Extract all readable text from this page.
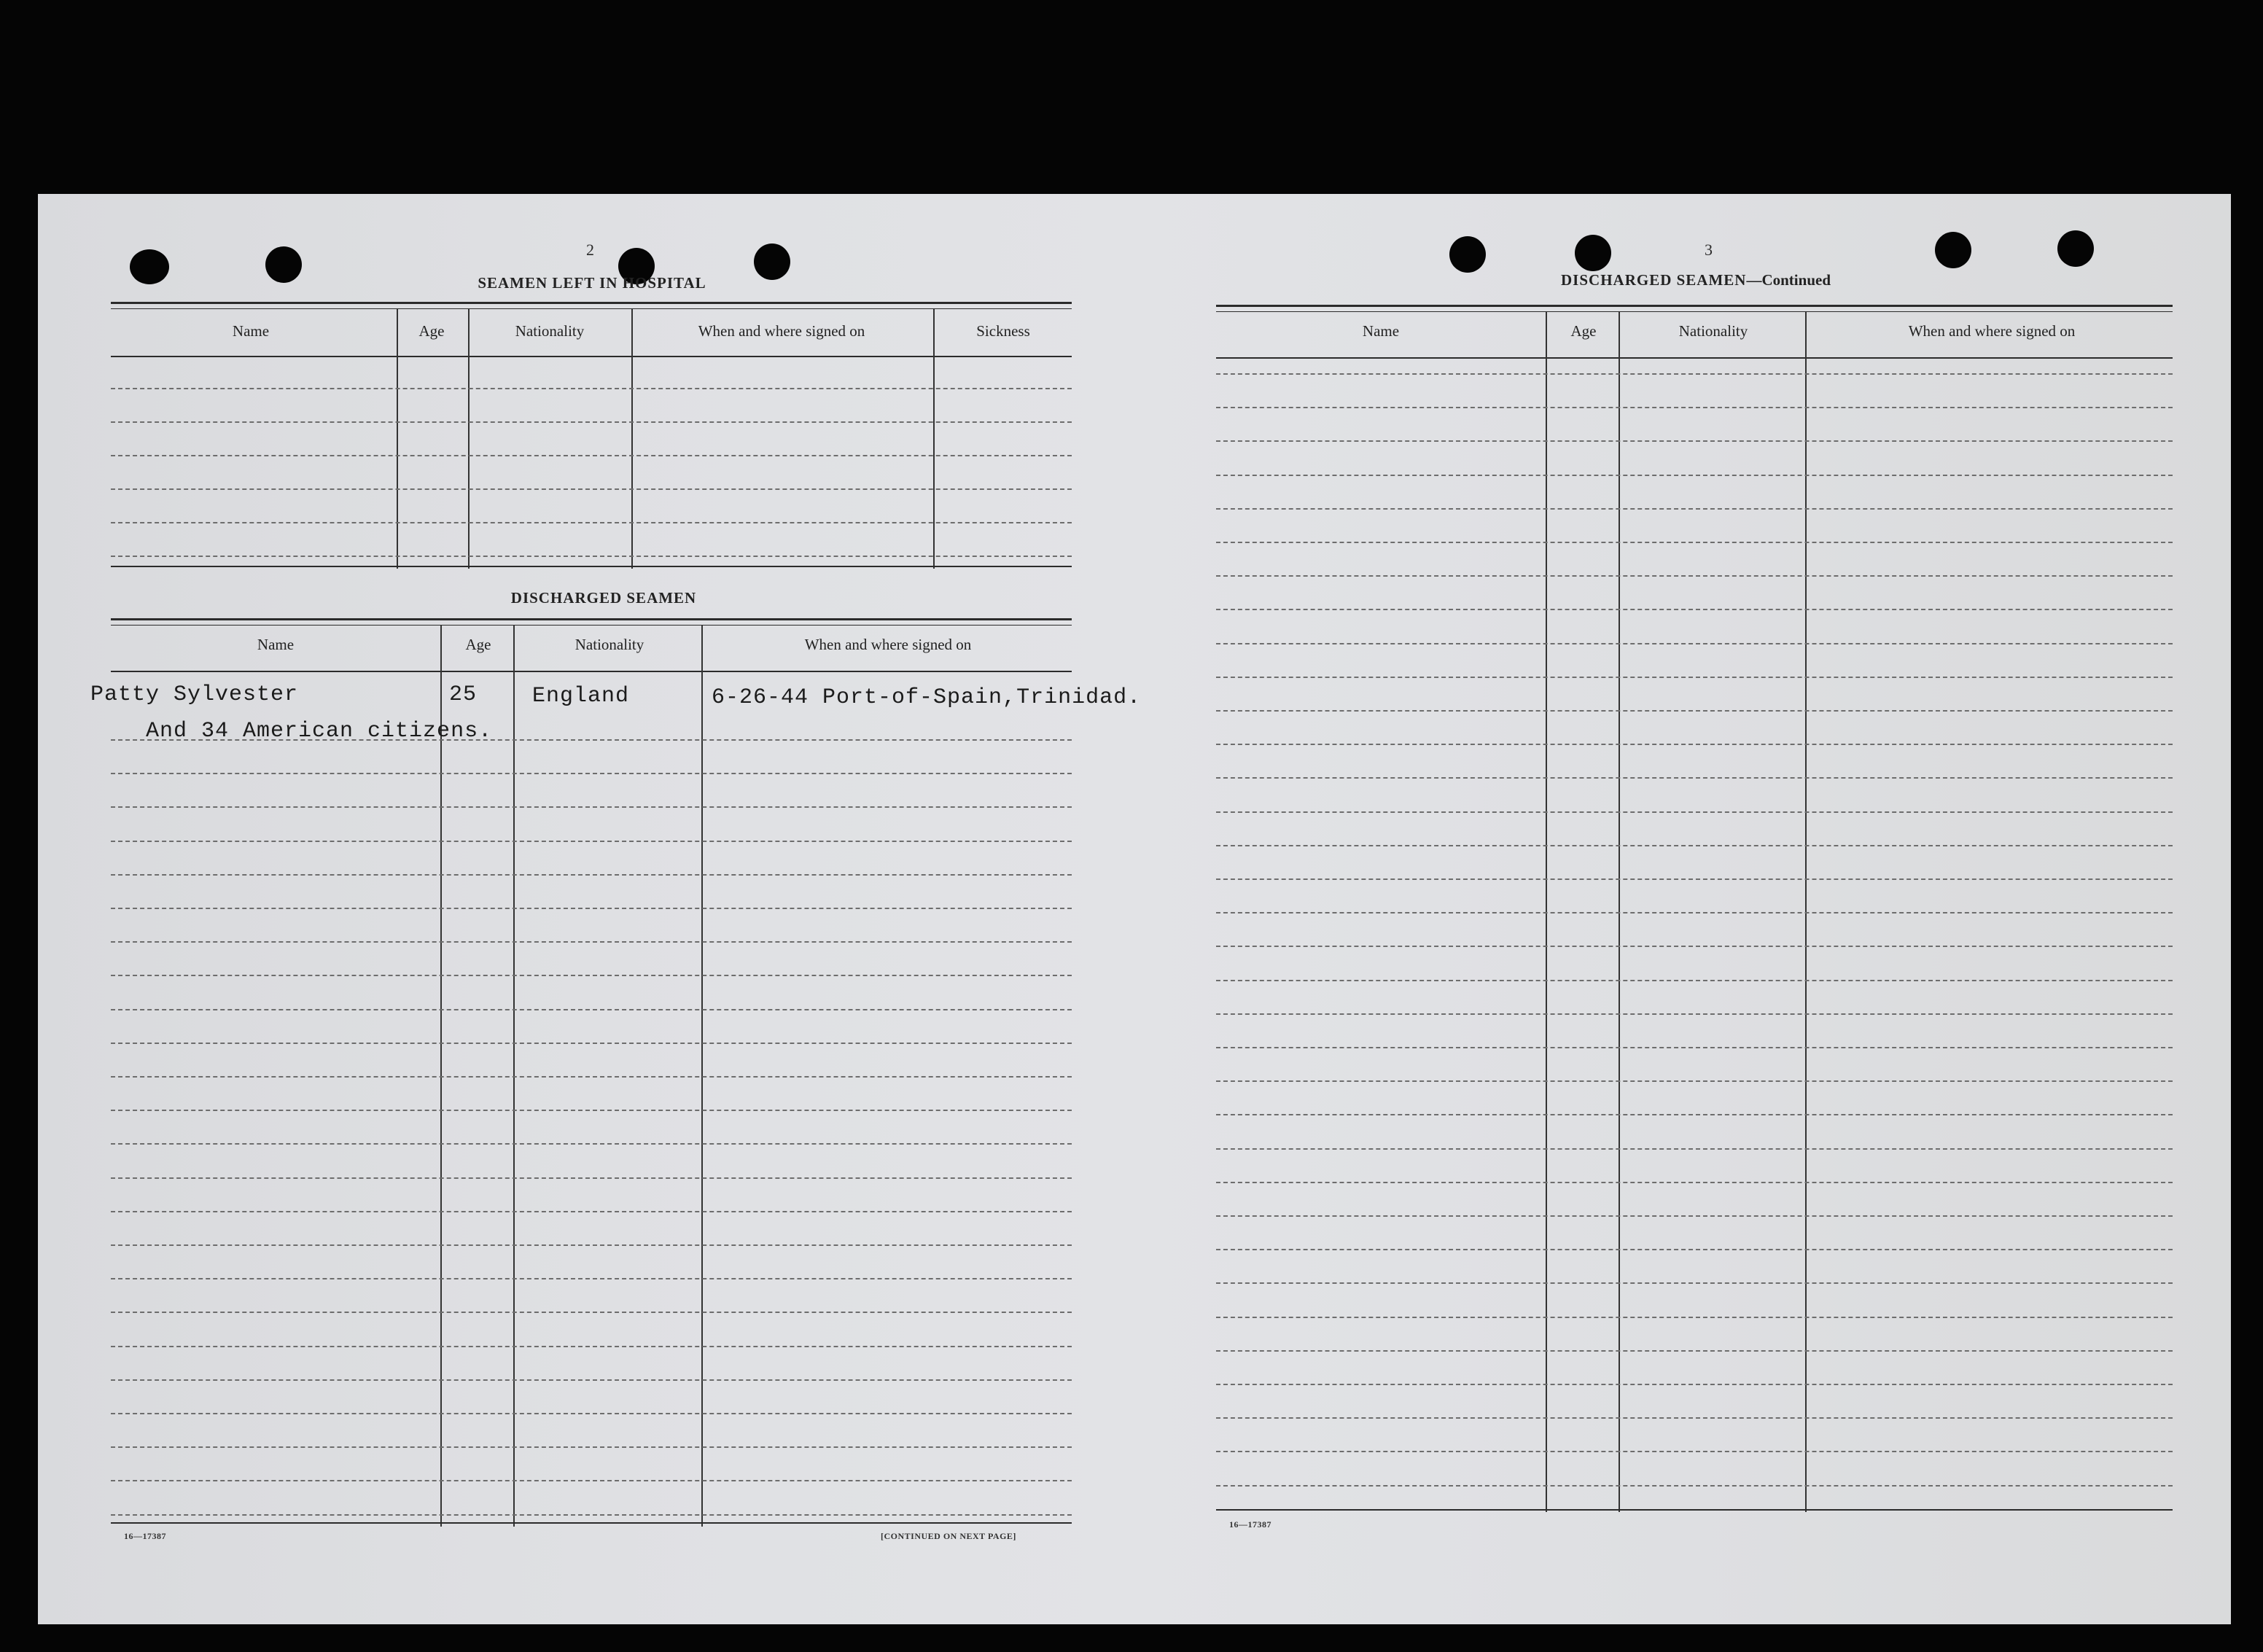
2
SEAMEN LEFT IN HOSPITAL
Name	Age	Nationality	When and where signed on	Sickness
DISCHARGED SEAMEN
Name	Age	Nationality	When and where signed on
Patty Sylvester	25	England	6-26-44 Port-of-Spain,Trinidad.
And 34 American citizens.
16—17387	[CONTINUED ON NEXT PAGE]
3
DISCHARGED SEAMEN—Continued
Name	Age	Nationality	When and where signed on
16—17387
